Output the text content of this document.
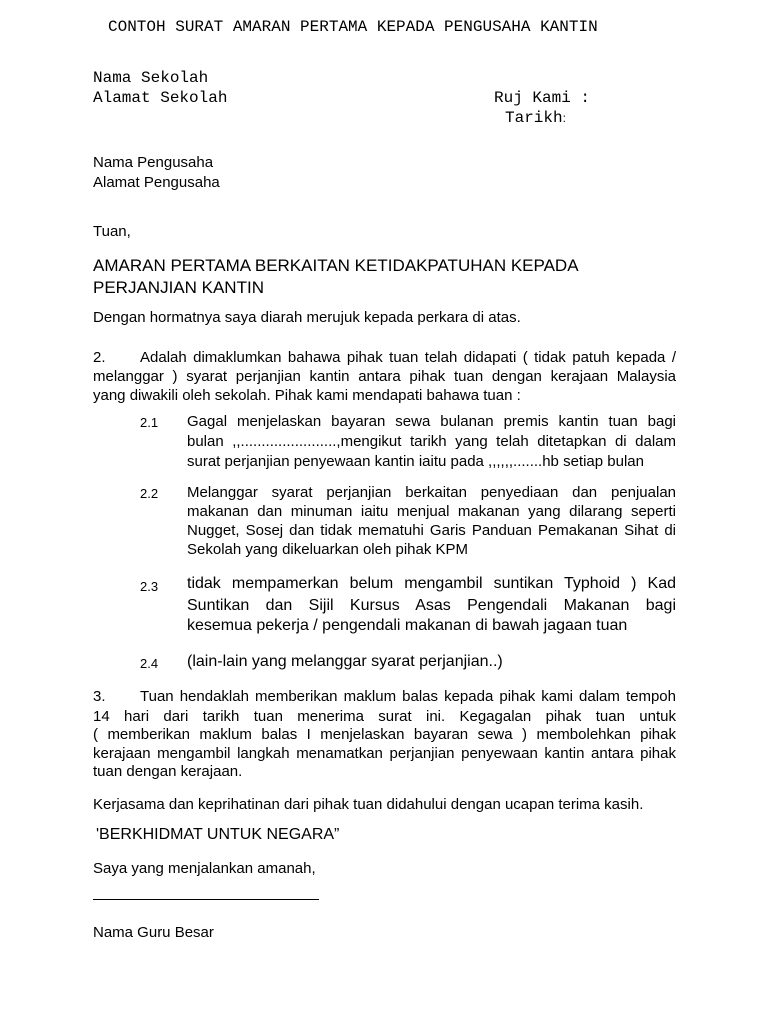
CONTOH SURAT AMARAN PERTAMA KEPADA PENGUSAHA KANTIN
Nama Sekolah
Alamat Sekolah	Ruj Kami :
Tarikh:
Nama Pengusaha
Alamat Pengusaha
Tuan,
AMARAN PERTAMA BERKAITAN KETIDAKPATUHAN KEPADA
PERJANJIAN KANTIN
Dengan hormatnya saya diarah merujuk kepada perkara di atas.
2. Adalah dimaklumkan bahawa pihak tuan telah didapati ( tidak patuh kepada /
melanggar ) syarat perjanjian kantin antara pihak tuan dengan kerajaan Malaysia
yang diwakili oleh sekolah. Pihak kami mendapati bahawa tuan :
2.1 Gagal menjelaskan bayaran sewa bulanan premis kantin tuan bagi
bulan ,,.......................,mengikut tarikh yang telah ditetapkan di dalam
surat perjanjian penyewaan kantin iaitu pada ,,,,,,.......hb setiap bulan
2.2 Melanggar syarat perjanjian berkaitan penyediaan dan penjualan
makanan dan minuman iaitu menjual makanan yang dilarang seperti
Nugget, Sosej dan tidak mematuhi Garis Panduan Pemakanan Sihat di
Sekolah yang dikeluarkan oleh pihak KPM
2.3 tidak mempamerkan belum mengambil suntikan Typhoid ) Kad
Suntikan dan Sijil Kursus Asas Pengendali Makanan bagi
kesemua pekerja / pengendali makanan di bawah jagaan tuan
2.4 (lain-lain yang melanggar syarat perjanjian..)
3. Tuan hendaklah memberikan maklum balas kepada pihak kami dalam tempoh
14 hari dari tarikh tuan menerima surat ini. Kegagalan pihak tuan untuk
( memberikan maklum balas I menjelaskan bayaran sewa ) membolehkan pihak
kerajaan mengambil langkah menamatkan perjanjian penyewaan kantin antara pihak
tuan dengan kerajaan.
Kerjasama dan keprihatinan dari pihak tuan didahului dengan ucapan terima kasih.
'BERKHIDMAT UNTUK NEGARA”
Saya yang menjalankan amanah,
Nama Guru Besar
